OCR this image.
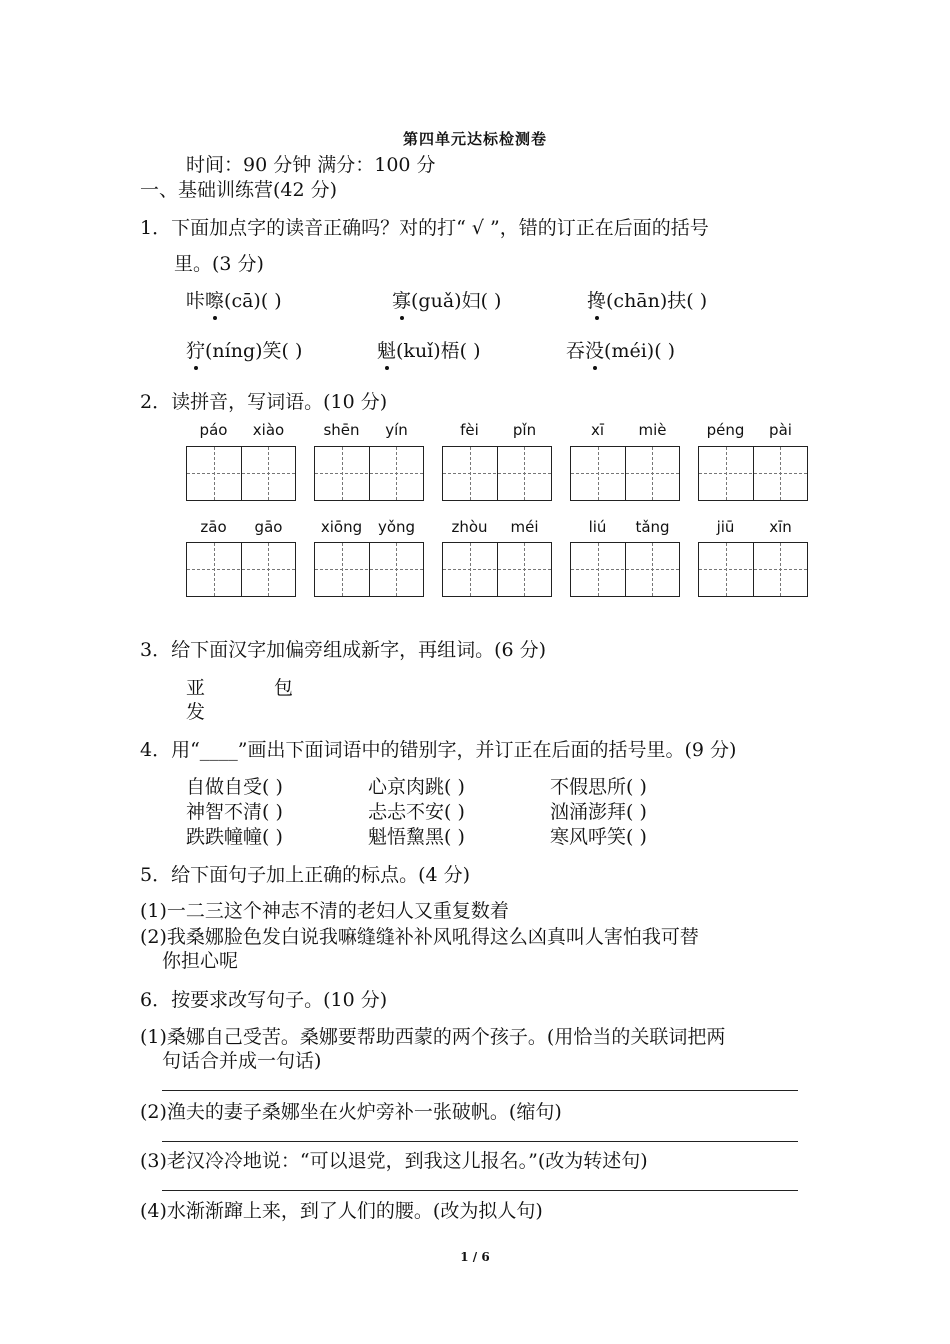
第四单元达标检测卷
时间：90 分钟 满分：100 分
一、基础训练营(42 分)
1．下面加点字的读音正确吗？对的打“ √ ”，错的订正在后面的括号
里。(3 分)
咔嚓(cā)( )	寡(guǎ)妇( )	搀(chān)扶( )
狞(níng)笑( )	魁(kuǐ)梧( )	吞没(méi)( )
2．读拼音，写词语。(10 分)
páo	xiào	shēn	yín	fèi	pǐn	xī	miè	péng	pài
zāo	gāo	xiōng	yǒng	zhòu	méi	liú	tǎng	jiū	xīn
3．给下面汉字加偏旁组成新字，再组词。(6 分)
亚	包
发
4．用“____”画出下面词语中的错别字，并订正在后面的括号里。(9 分)
自做自受( )	心京肉跳( )	不假思所( )
神智不清( )	忐忐不安( )	汹涌澎拜( )
跌跌幢幢( )	魁悟黧黑( )	寒风呼笑( )
5．给下面句子加上正确的标点。(4 分)
(1)一二三这个神志不清的老妇人又重复数着
(2)我桑娜脸色发白说我嘛缝缝补补风吼得这么凶真叫人害怕我可替
你担心呢
6．按要求改写句子。(10 分)
(1)桑娜自己受苦。桑娜要帮助西蒙的两个孩子。(用恰当的关联词把两
句话合并成一句话)
(2)渔夫的妻子桑娜坐在火炉旁补一张破帆。(缩句)
(3)老汉冷冷地说：“可以退党，到我这儿报名。”(改为转述句)
(4)水渐渐蹿上来，到了人们的腰。(改为拟人句)
1 / 6
